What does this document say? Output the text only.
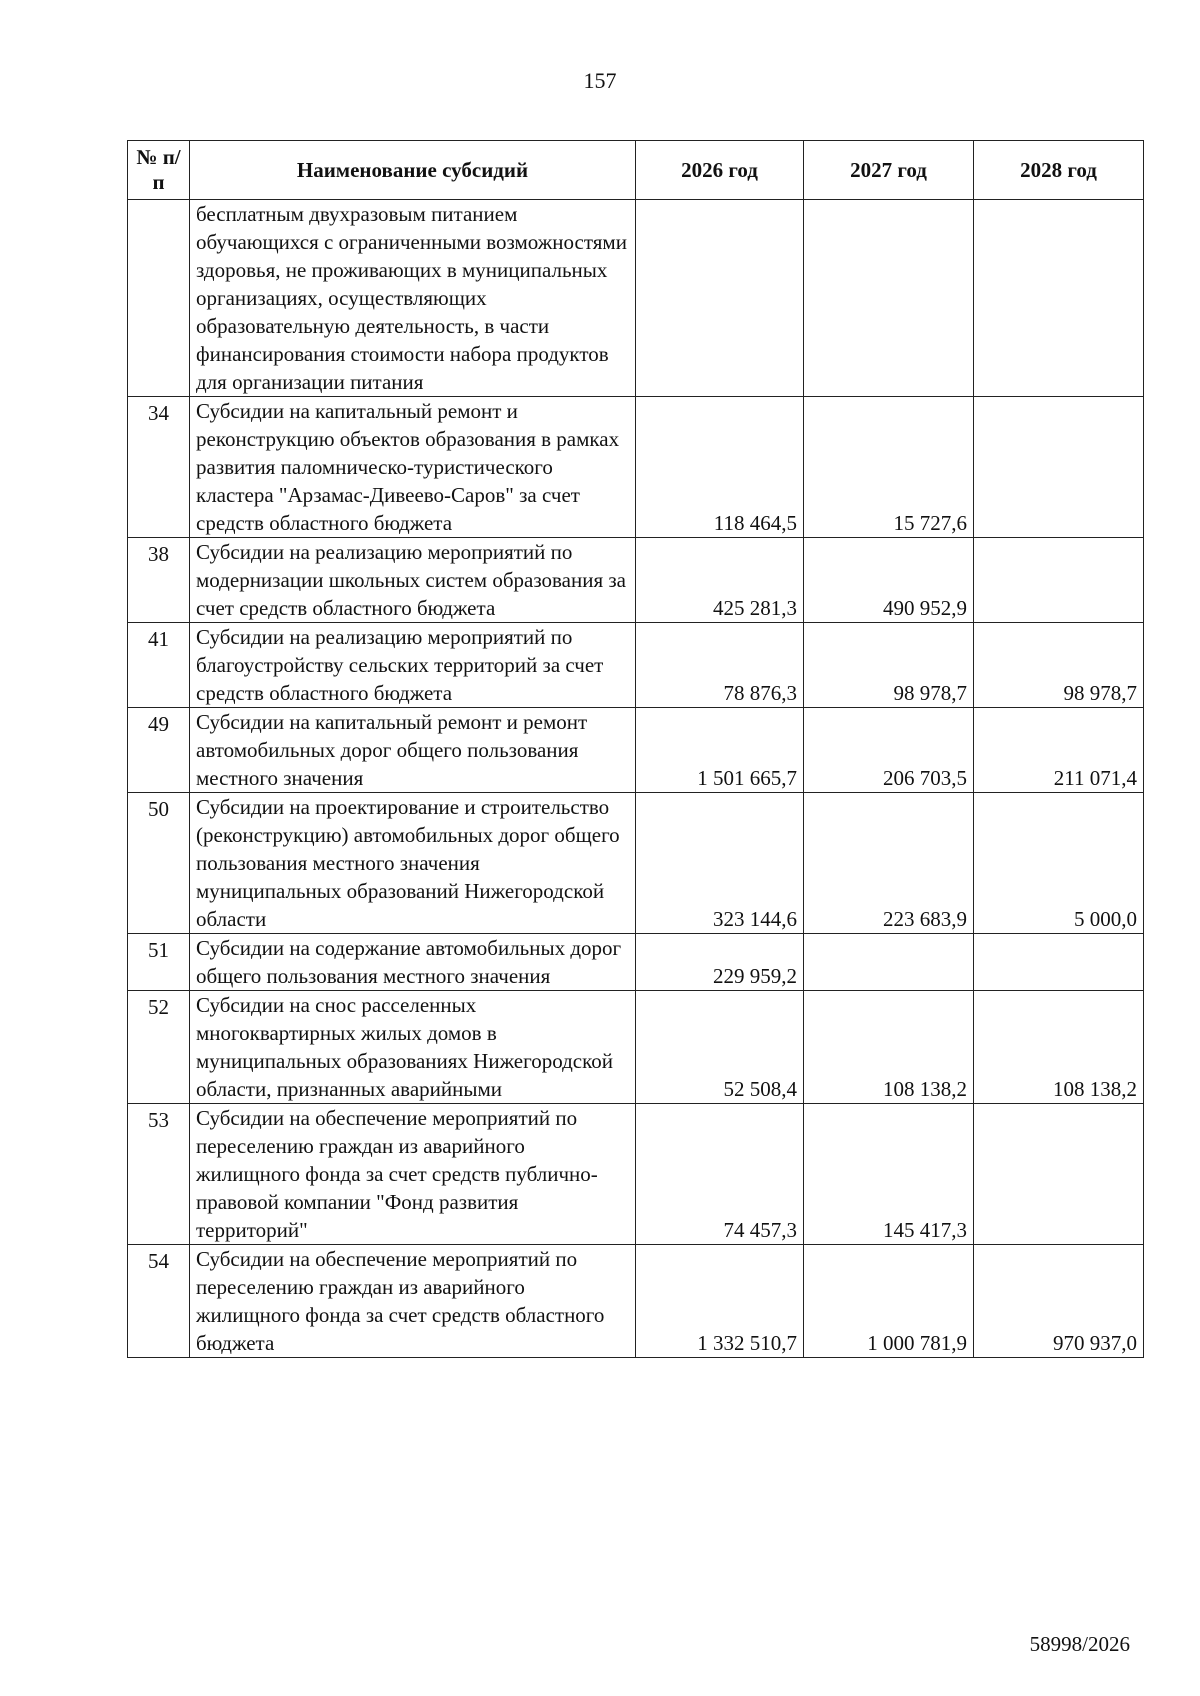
157
№ п/п	Наименование субсидий	2026 год	2027 год	2028 год
	бесплатным двухразовым питанием обучающихся с ограниченными возможностями здоровья, не проживающих в муниципальных организациях, осуществляющих образовательную деятельность, в части финансирования стоимости набора продуктов для организации питания			
34	Субсидии на капитальный ремонт и реконструкцию объектов образования в рамках развития паломническо-туристического кластера "Арзамас-Дивеево-Саров" за счет средств областного бюджета	118 464,5	15 727,6	
38	Субсидии на реализацию мероприятий по модернизации школьных систем образования за счет средств областного бюджета	425 281,3	490 952,9	
41	Субсидии на реализацию мероприятий по благоустройству сельских территорий за счет средств областного бюджета	78 876,3	98 978,7	98 978,7
49	Субсидии на капитальный ремонт и ремонт автомобильных дорог общего пользования местного значения	1 501 665,7	206 703,5	211 071,4
50	Субсидии на проектирование и строительство (реконструкцию) автомобильных дорог общего пользования местного значения муниципальных образований Нижегородской области	323 144,6	223 683,9	5 000,0
51	Субсидии на содержание автомобильных дорог общего пользования местного значения	229 959,2		
52	Субсидии на снос расселенных многоквартирных жилых домов в муниципальных образованиях Нижегородской области, признанных аварийными	52 508,4	108 138,2	108 138,2
53	Субсидии на обеспечение мероприятий по переселению граждан из аварийного жилищного фонда за счет средств публично-правовой компании "Фонд развития территорий"	74 457,3	145 417,3	
54	Субсидии на обеспечение мероприятий по переселению граждан из аварийного жилищного фонда за счет средств областного бюджета	1 332 510,7	1 000 781,9	970 937,0
58998/2026
